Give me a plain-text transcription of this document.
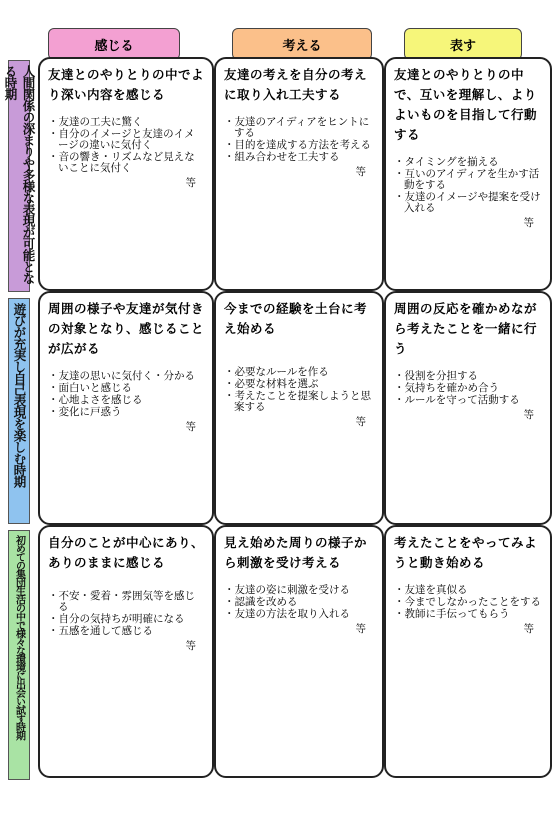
感じる	考える	表す
人間関係の深まりや多様な表現が可能となる時期
遊びが充実し自己表現を楽しむ時期
初めての集団生活の中で様々な環境に出会い試す時期
友達とのやりとりの中でより深い内容を感じる
・ 友達の工夫に驚く
・ 自分のイメージと友達のイメージの違いに気付く
・ 音の響き・リズムなど見えないことに気付く
等
友達の考えを自分の考えに取り入れ工夫する
・ 友達のアイディアをヒントにする
・ 目的を達成する方法を考える
・ 組み合わせを工夫する
等
友達とのやりとりの中で、互いを理解し、よりよいものを目指して行動する
・ タイミングを揃える
・ 互いのアイディアを生かす活動をする
・ 友達のイメージや提案を受け入れる
等
周囲の様子や友達が気付きの対象となり、感じることが広がる
・ 友達の思いに気付く・分かる
・ 面白いと感じる
・ 心地よさを感じる
・ 変化に戸惑う
等
今までの経験を土台に考え始める
・ 必要なルールを作る
・ 必要な材料を選ぶ
・ 考えたことを提案しようと思案する
等
周囲の反応を確かめながら考えたことを一緒に行う
・ 役割を分担する
・ 気持ちを確かめ合う
・ ルールを守って活動する
等
自分のことが中心にあり、ありのままに感じる
・ 不安・愛着・雰囲気等を感じる
・ 自分の気持ちが明確になる
・ 五感を通して感じる
等
見え始めた周りの様子から刺激を受け考える
・ 友達の姿に刺激を受ける
・ 認識を改める
・ 友達の方法を取り入れる
等
考えたことをやってみようと動き始める
・ 友達を真似る
・ 今までしなかったことをする
・ 教師に手伝ってもらう
等
